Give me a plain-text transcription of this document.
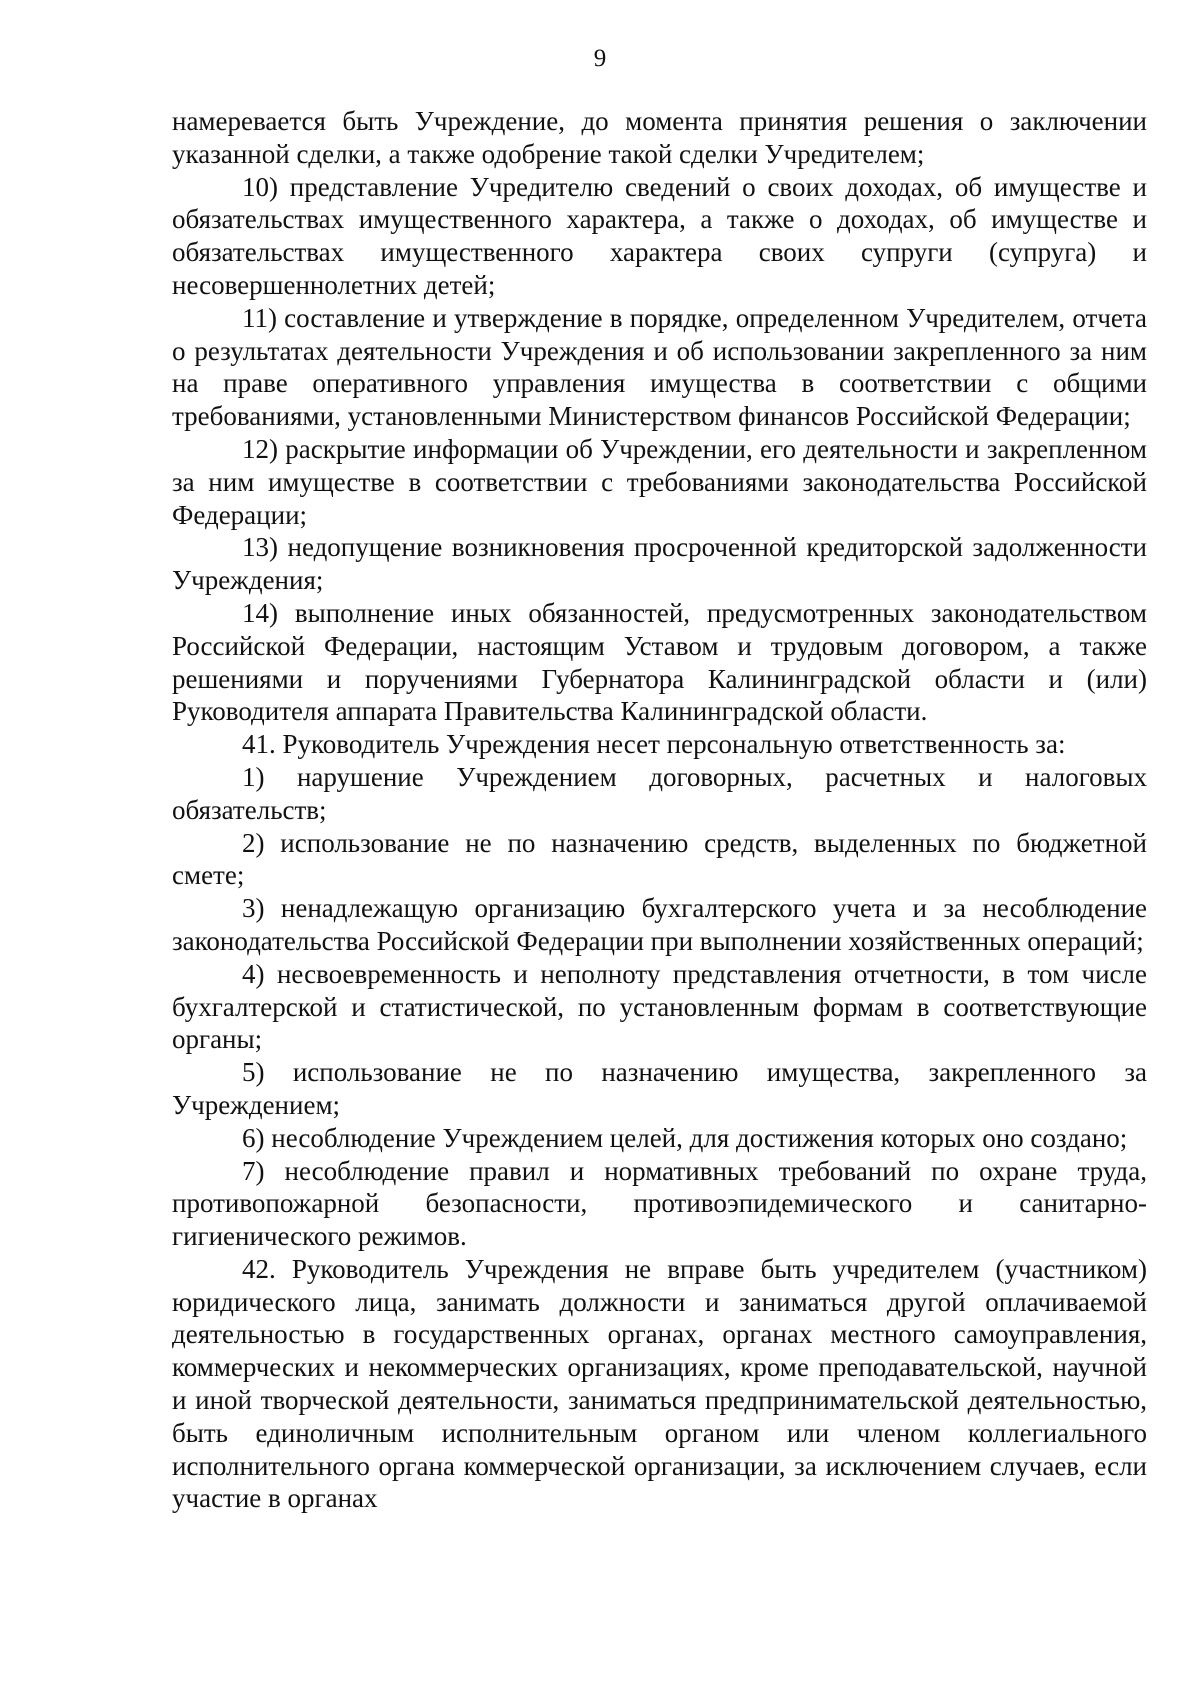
9

намеревается быть Учреждение, до момента принятия решения о заключении указанной сделки, а также одобрение такой сделки Учредителем;

10) представление Учредителю сведений о своих доходах, об имуществе и обязательствах имущественного характера, а также о доходах, об имуществе и обязательствах имущественного характера своих супруги (супруга) и несовершеннолетних детей;

11) составление и утверждение в порядке, определенном Учредителем, отчета о результатах деятельности Учреждения и об использовании закрепленного за ним на праве оперативного управления имущества в соответствии с общими требованиями, установленными Министерством финансов Российской Федерации;

12) раскрытие информации об Учреждении, его деятельности и закрепленном за ним имуществе в соответствии с требованиями законодательства Российской Федерации;

13) недопущение возникновения просроченной кредиторской задолженности Учреждения;

14) выполнение иных обязанностей, предусмотренных законодательством Российской Федерации, настоящим Уставом и трудовым договором, а также решениями и поручениями Губернатора Калининградской области и (или) Руководителя аппарата Правительства Калининградской области.

41. Руководитель Учреждения несет персональную ответственность за:

1) нарушение Учреждением договорных, расчетных и налоговых обязательств;

2) использование не по назначению средств, выделенных по бюджетной смете;

3) ненадлежащую организацию бухгалтерского учета и за несоблюдение законодательства Российской Федерации при выполнении хозяйственных операций;

4) несвоевременность и неполноту представления отчетности, в том числе бухгалтерской и статистической, по установленным формам в соответствующие органы;

5) использование не по назначению имущества, закрепленного за Учреждением;

6) несоблюдение Учреждением целей, для достижения которых оно создано;

7) несоблюдение правил и нормативных требований по охране труда, противопожарной безопасности, противоэпидемического и санитарно-гигиенического режимов.

42. Руководитель Учреждения не вправе быть учредителем (участником) юридического лица, занимать должности и заниматься другой оплачиваемой деятельностью в государственных органах, органах местного самоуправления, коммерческих и некоммерческих организациях, кроме преподавательской, научной и иной творческой деятельности, заниматься предпринимательской деятельностью, быть единоличным исполнительным органом или членом коллегиального исполнительного органа коммерческой организации, за исключением случаев, если участие в органах
